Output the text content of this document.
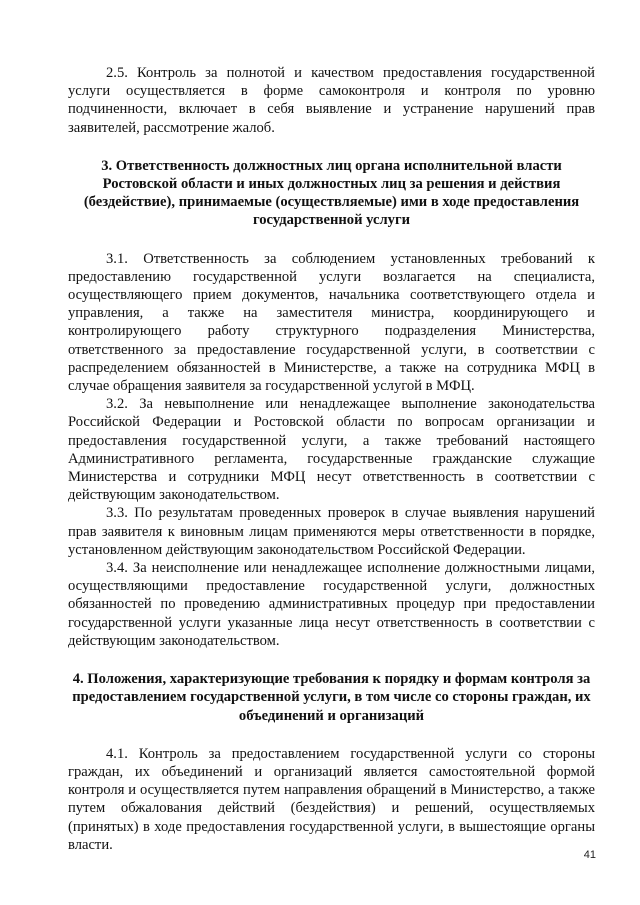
2.5. Контроль за полнотой и качеством предоставления государственной услуги осуществляется в форме самоконтроля и контроля по уровню подчиненности, включает в себя выявление и устранение нарушений прав заявителей, рассмотрение жалоб.

3. Ответственность должностных лиц органа исполнительной власти Ростовской области и иных должностных лиц за решения и действия (бездействие), принимаемые (осуществляемые) ими в ходе предоставления государственной услуги

3.1. Ответственность за соблюдением установленных требований к предоставлению государственной услуги возлагается на специалиста, осуществляющего прием документов, начальника соответствующего отдела и управления, а также на заместителя министра, координирующего и контролирующего работу структурного подразделения Министерства, ответственного за предоставление государственной услуги, в соответствии с распределением обязанностей в Министерстве, а также на сотрудника МФЦ в случае обращения заявителя за государственной услугой в МФЦ.

3.2. За невыполнение или ненадлежащее выполнение законодательства Российской Федерации и Ростовской области по вопросам организации и предоставления государственной услуги, а также требований настоящего Административного регламента, государственные гражданские служащие Министерства и сотрудники МФЦ несут ответственность в соответствии с действующим законодательством.

3.3. По результатам проведенных проверок в случае выявления нарушений прав заявителя к виновным лицам применяются меры ответственности в порядке, установленном действующим законодательством Российской Федерации.

3.4. За неисполнение или ненадлежащее исполнение должностными лицами, осуществляющими предоставление государственной услуги, должностных обязанностей по проведению административных процедур при предоставлении государственной услуги указанные лица несут ответственность в соответствии с действующим законодательством.

4. Положения, характеризующие требования к порядку и формам контроля за предоставлением государственной услуги, в том числе со стороны граждан, их объединений и организаций

4.1. Контроль за предоставлением государственной услуги со стороны граждан, их объединений и организаций является самостоятельной формой контроля и осуществляется путем направления обращений в Министерство, а также путем обжалования действий (бездействия) и решений, осуществляемых (принятых) в ходе предоставления государственной услуги, в вышестоящие органы власти.

41
